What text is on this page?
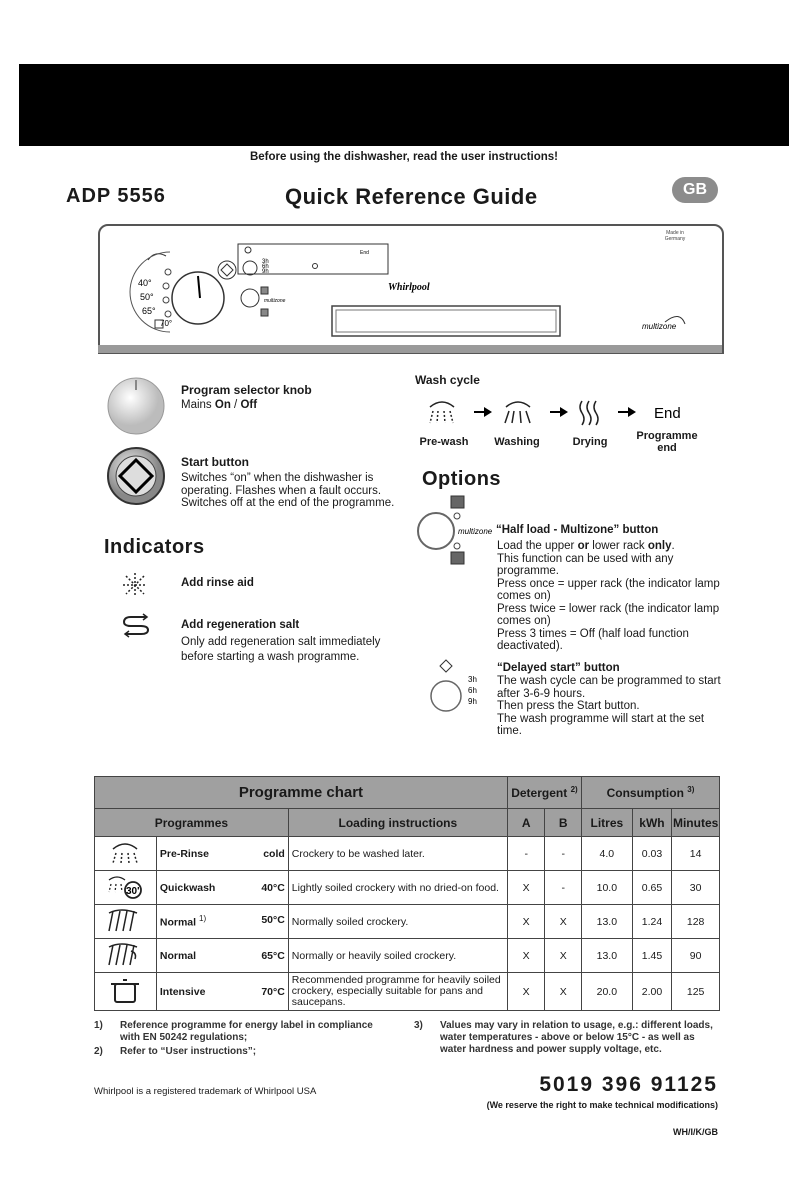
Before using the dishwasher, read the user instructions!
ADP 5556	Quick Reference Guide	GB
Made in Germany
40°
50°
65°
70°
3h
6h
9h
End
multizone
Whirlpool
multizone
Program selector knob
Mains On / Off
Start button
Switches “on” when the dishwasher is
operating. Flashes when a fault occurs.
Switches off at the end of the programme.
Indicators
Add rinse aid
Add regeneration salt
Only add regeneration salt immediately
before starting a wash programme.
Wash cycle
End
Pre-wash	Washing	Drying	Programme end
Options
multizone “Half load - Multizone” button
Load the upper or lower rack only.
This function can be used with any programme.
Press once = upper rack (the indicator lamp
comes on)
Press twice = lower rack (the indicator lamp
comes on)
Press 3 times = Off (half load function
deactivated).
3h
6h
9h
“Delayed start” button
The wash cycle can be programmed to start
after 3-6-9 hours.
Then press the Start button.
The wash programme will start at the set time.
Programme chart			Detergent $^{2)}$		Consumption $^{3)}$
Programmes		Loading instructions	A	B	Litres	kWh	Minutes
	Pre-Rinse cold	Crockery to be washed later.	-	-	4.0	0.03	14

30'	Quickwash 40°C	Lightly soiled crockery with no dried-on food.	X	-	10.0	0.65	30
	Normal $^{1)}$ 50°C	Normally soiled crockery.	X	X	13.0	1.24	128
	Normal 65°C	Normally or heavily soiled crockery.	X	X	13.0	1.45	90
	Intensive 70°C	Recommended programme for heavily soiled crockery, especially suitable for pans and saucepans.	X	X	20.0	2.00	125
1) Reference programme for energy label in compliance with EN 50242 regulations;
2) Refer to “User instructions”;
3) Values may vary in relation to usage, e.g.: different loads, water temperatures - above or below 15°C - as well as water hardness and power supply voltage, etc.
Whirlpool is a registered trademark of Whirlpool USA	5019 396 91125
(We reserve the right to make technical modifications)
WH/I/K/GB
